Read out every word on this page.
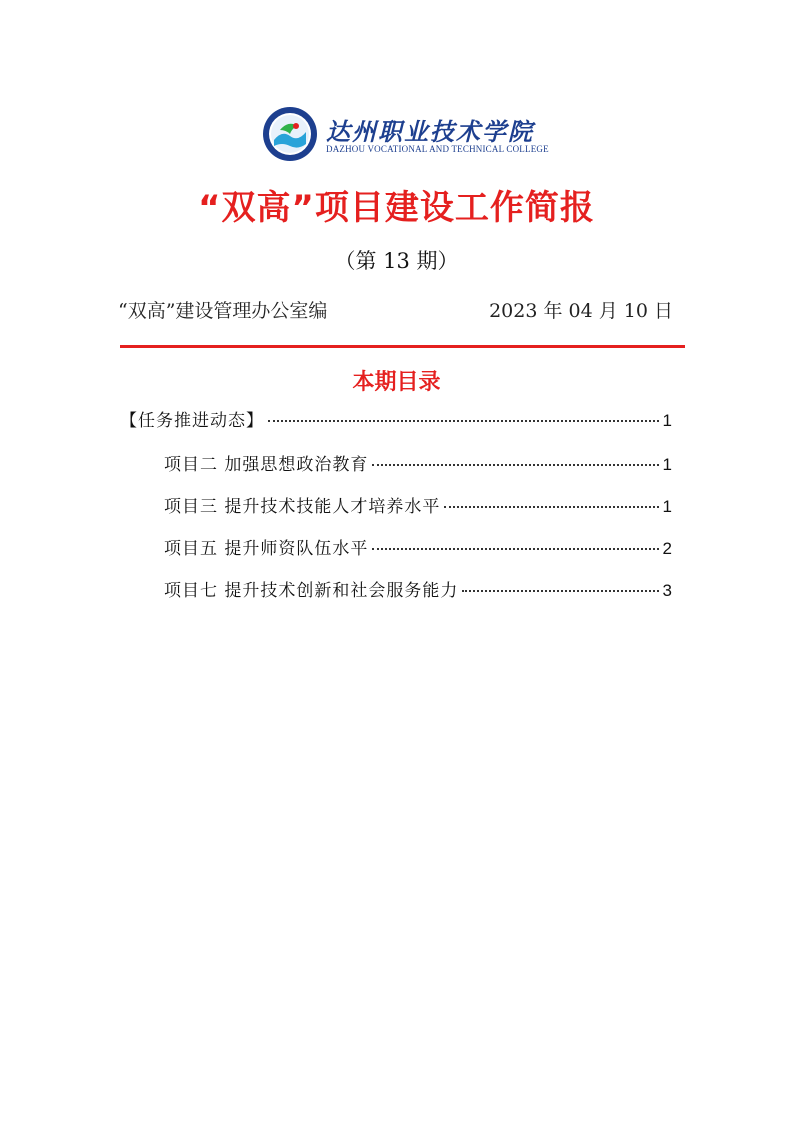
达州职业技术学院
DAZHOU VOCATIONAL AND TECHNICAL COLLEGE
“双高”项目建设工作简报
（第 13 期）
“双高”建设管理办公室编	2023 年 04 月 10 日
本期目录
【任务推进动态】	1
项目二 加强思想政治教育	1
项目三 提升技术技能人才培养水平	1
项目五 提升师资队伍水平	2
项目七 提升技术创新和社会服务能力	3
